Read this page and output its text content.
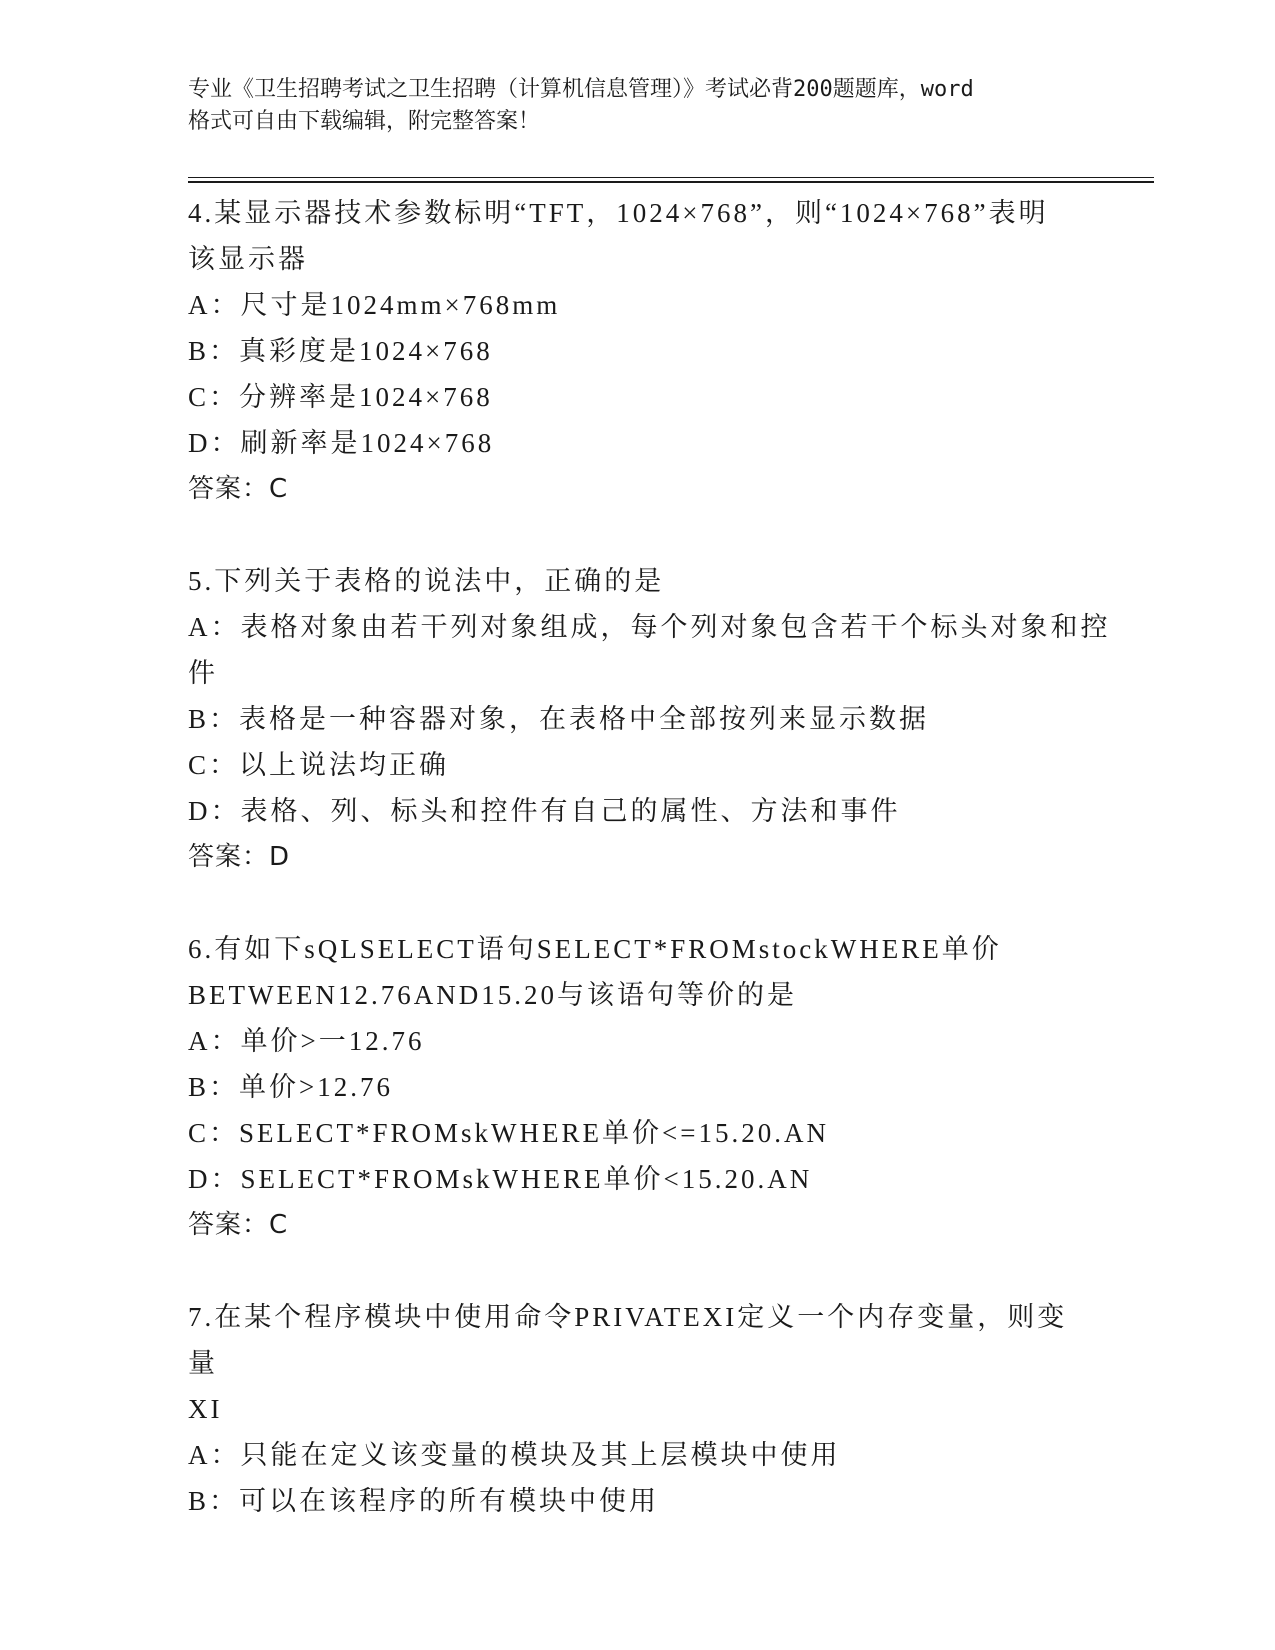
专业《卫生招聘考试之卫生招聘（计算机信息管理）》考试必背200题题库，word
格式可自由下载编辑，附完整答案！
4.某显示器技术参数标明“TFT，1024×768”，则“1024×768”表明
该显示器
A：尺寸是1024mm×768mm
B：真彩度是1024×768
C：分辨率是1024×768
D：刷新率是1024×768
答案：C
5.下列关于表格的说法中，正确的是
A：表格对象由若干列对象组成，每个列对象包含若干个标头对象和控
件
B：表格是一种容器对象，在表格中全部按列来显示数据
C：以上说法均正确
D：表格、列、标头和控件有自己的属性、方法和事件
答案：D
6.有如下sQLSELECT语句SELECT*FROMstockWHERE单价
BETWEEN12.76AND15.20与该语句等价的是
A：单价>一12.76
B：单价>12.76
C：SELECT*FROMskWHERE单价<=15.20.AN
D：SELECT*FROMskWHERE单价<15.20.AN
答案：C
7.在某个程序模块中使用命令PRIVATEXI定义一个内存变量，则变量
XI
A：只能在定义该变量的模块及其上层模块中使用
B：可以在该程序的所有模块中使用
